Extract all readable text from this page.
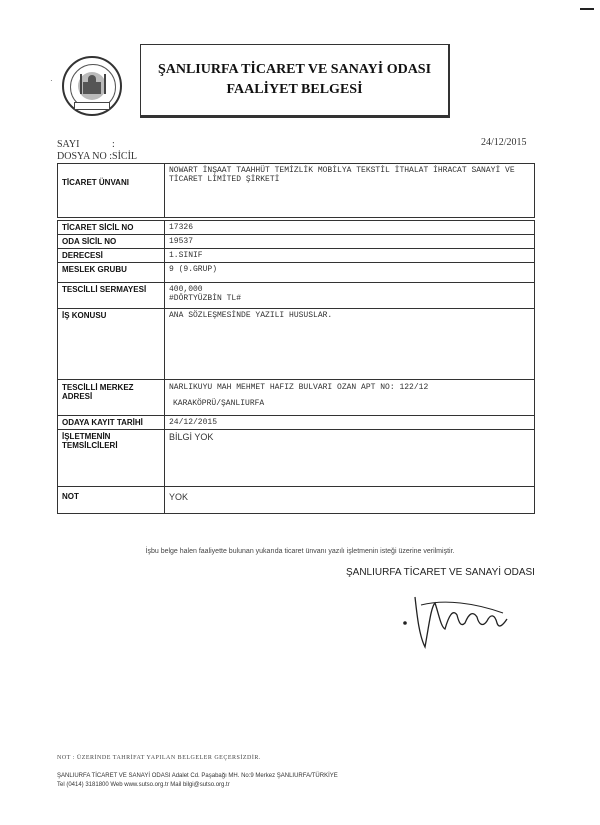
·
ŞANLIURFA TİCARET VE SANAYİ ODASI
FAALİYET BELGESİ
SAYI	:	24/12/2015
DOSYA NO :SİCİL
TİCARET ÜNVANI	NOWART İNŞAAT TAAHHÜT TEMİZLİK MOBİLYA TEKSTİL İTHALAT İHRACAT SANAYİ VE TİCARET LİMİTED ŞİRKETİ

TİCARET SİCİL NO	17326
ODA SİCİL NO	19537
DERECESİ	1.SINIF
MESLEK GRUBU	9 (9.GRUP)
TESCİLLİ SERMAYESİ	400,000
#DÖRTYÜZBİN TL#

İŞ KONUSU	ANA SÖZLEŞMESİNDE YAZILI HUSUSLAR.
TESCİLLİ MERKEZ ADRESİ	NARLIKUYU MAH MEHMET HAFIZ BULVARI OZAN APT NO: 122/12
KARAKÖPRÜ/ŞANLIURFA

ODAYA KAYIT TARİHİ	24/12/2015
İŞLETMENİN TEMSİLCİLERİ	BİLGİ YOK
NOT	YOK
İşbu belge halen faaliyette bulunan yukarıda ticaret ünvanı yazılı işletmenin isteği üzerine verilmiştir.
ŞANLIURFA TİCARET VE SANAYİ ODASI
NOT : ÜZERİNDE TAHRİFAT YAPILAN BELGELER GEÇERSİZDİR.
ŞANLIURFA TİCARET VE SANAYİ ODASI Adalet Cd. Paşabağı MH. No:9 Merkez ŞANLIURFA/TÜRKİYE
Tel (0414) 3181800 Web www.sutso.org.tr Mail bilgi@sutso.org.tr
